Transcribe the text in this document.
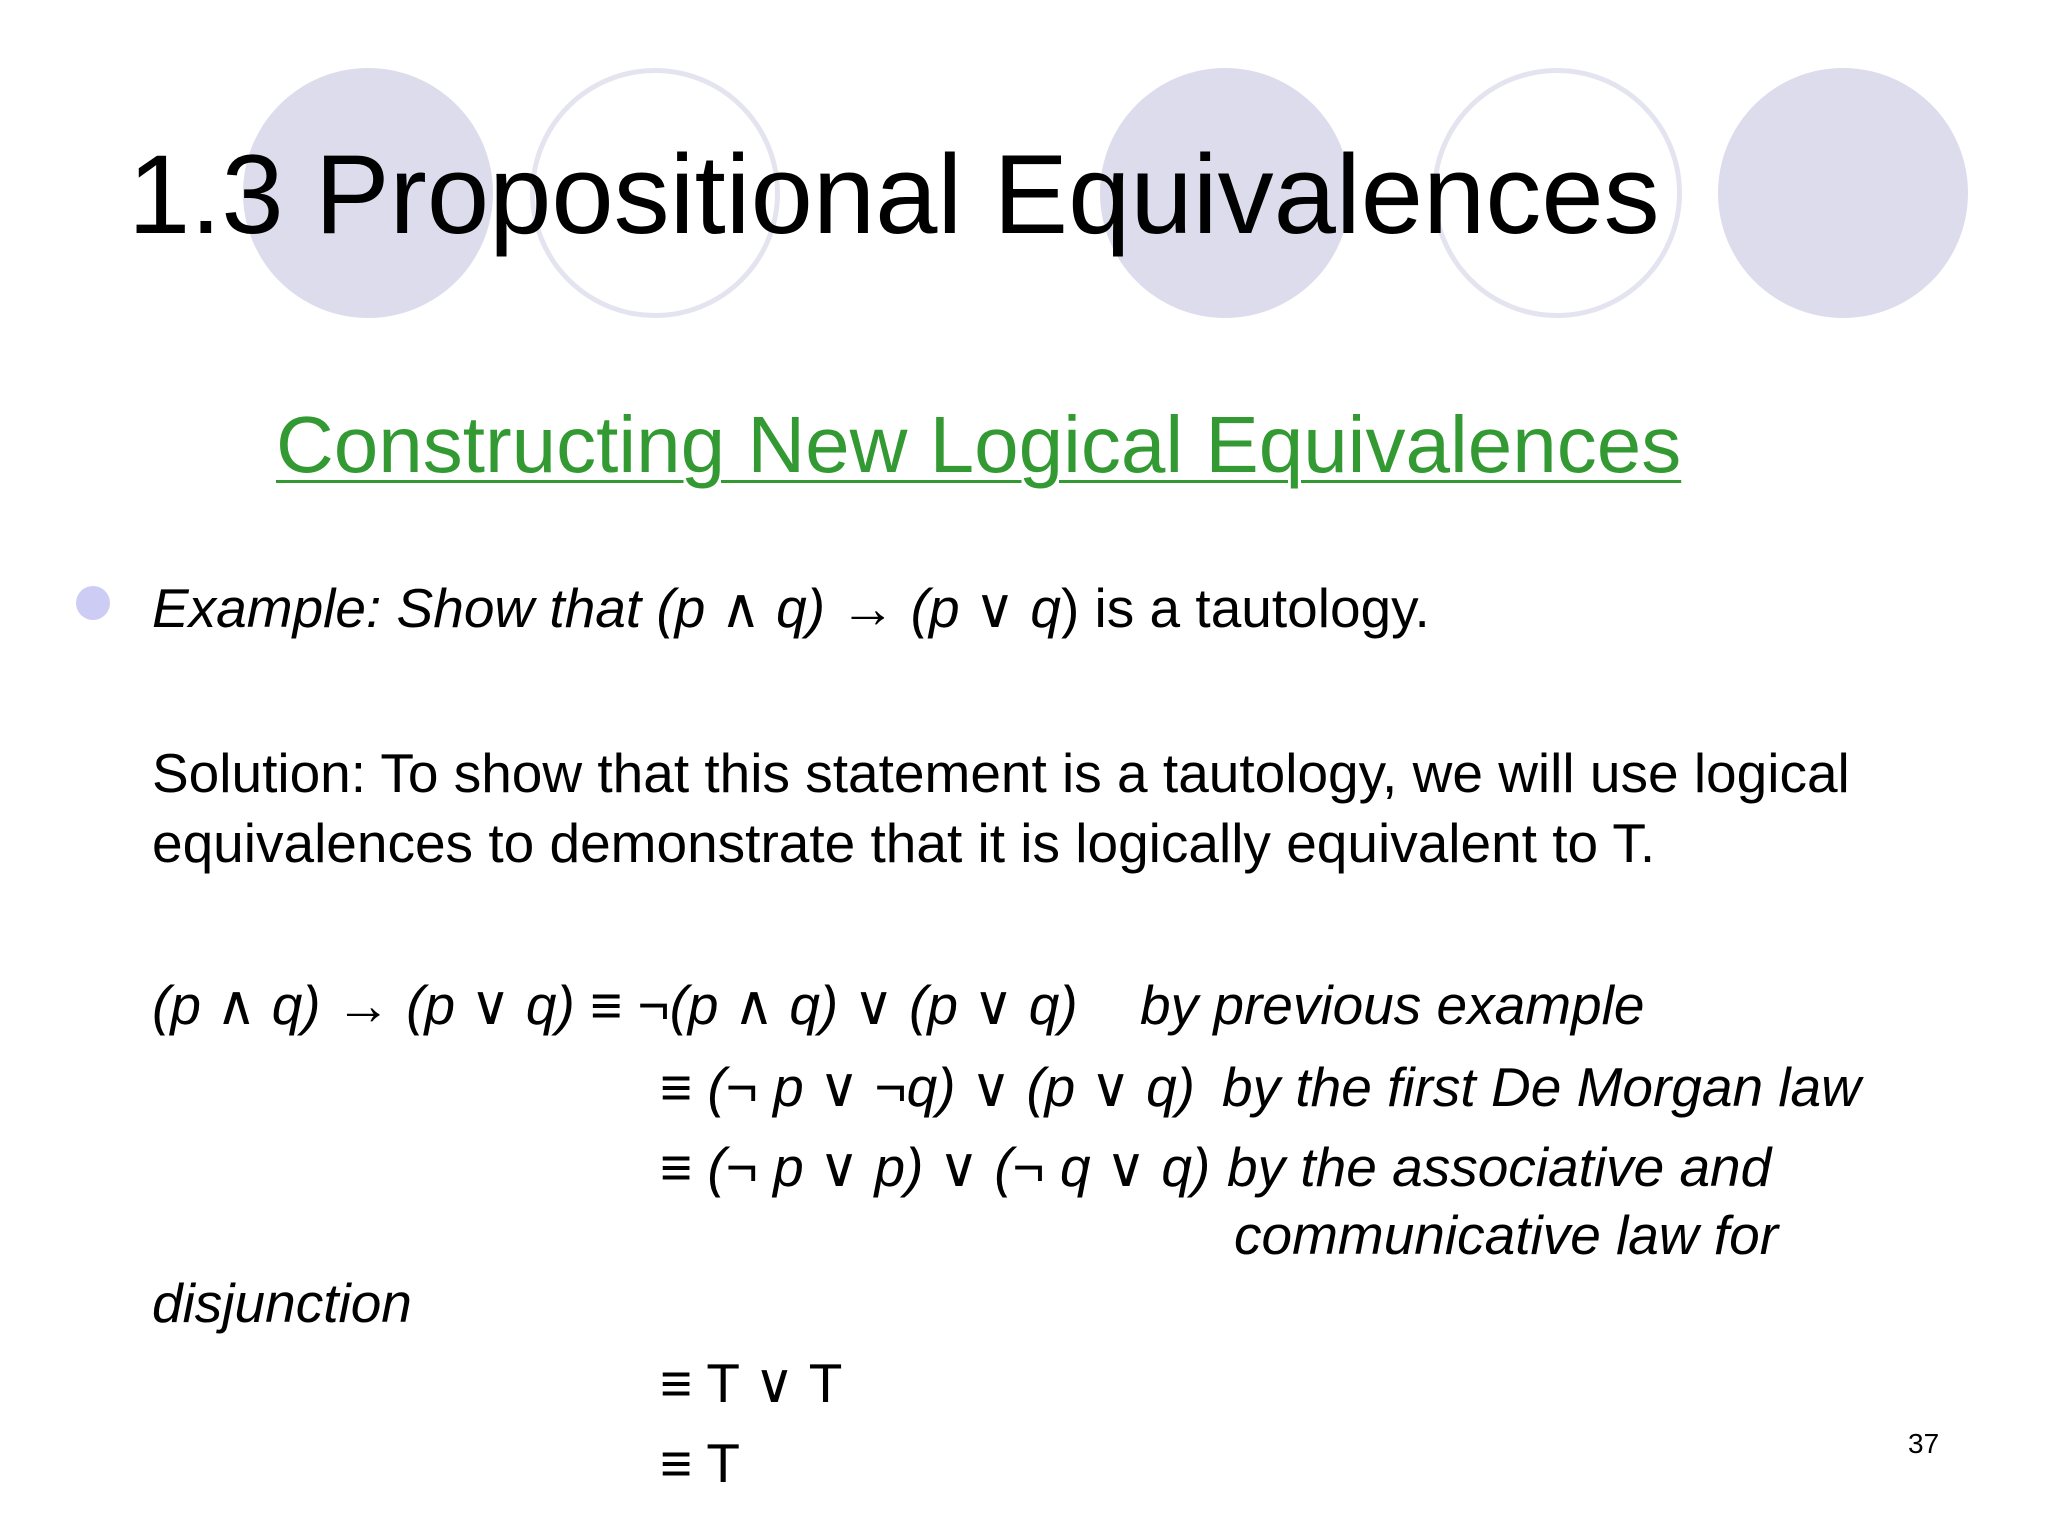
1.3 Propositional Equivalences
Constructing New Logical Equivalences
Example: Show that (p ∧ q) → (p ∨ q) is a tautology.
Solution: To show that this statement is a tautology, we will use logical
equivalences to demonstrate that it is logically equivalent to T.
(p ∧ q) → (p ∨ q) ≡ ¬(p ∧ q) ∨ (p ∨ q) by previous example
≡ (¬ p ∨ ¬q) ∨ (p ∨ q) by the first De Morgan law
≡ (¬ p ∨ p) ∨ (¬ q ∨ q) by the associative and
communicative law for
disjunction
≡ T ∨ T
≡ T	37
